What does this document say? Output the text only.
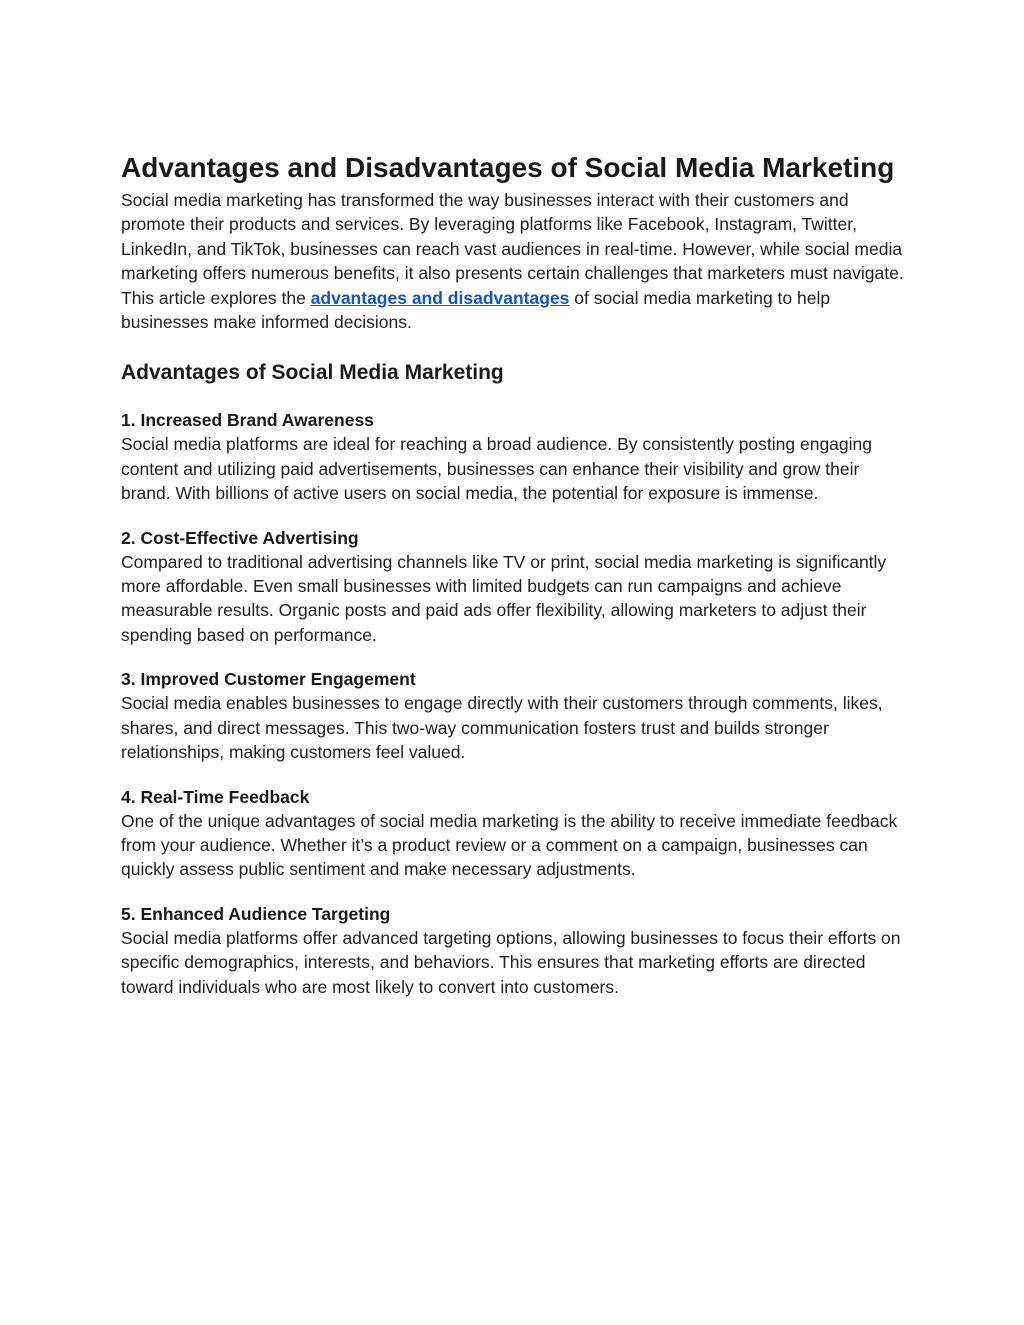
Advantages and Disadvantages of Social Media Marketing

Social media marketing has transformed the way businesses interact with their customers and promote their products and services. By leveraging platforms like Facebook, Instagram, Twitter, LinkedIn, and TikTok, businesses can reach vast audiences in real-time. However, while social media marketing offers numerous benefits, it also presents certain challenges that marketers must navigate. This article explores the advantages and disadvantages of social media marketing to help businesses make informed decisions.

Advantages of Social Media Marketing
1. Increased Brand Awareness

Social media platforms are ideal for reaching a broad audience. By consistently posting engaging content and utilizing paid advertisements, businesses can enhance their visibility and grow their brand. With billions of active users on social media, the potential for exposure is immense.

2. Cost-Effective Advertising

Compared to traditional advertising channels like TV or print, social media marketing is significantly more affordable. Even small businesses with limited budgets can run campaigns and achieve measurable results. Organic posts and paid ads offer flexibility, allowing marketers to adjust their spending based on performance.

3. Improved Customer Engagement

Social media enables businesses to engage directly with their customers through comments, likes, shares, and direct messages. This two-way communication fosters trust and builds stronger relationships, making customers feel valued.

4. Real-Time Feedback

One of the unique advantages of social media marketing is the ability to receive immediate feedback from your audience. Whether it’s a product review or a comment on a campaign, businesses can quickly assess public sentiment and make necessary adjustments.

5. Enhanced Audience Targeting

Social media platforms offer advanced targeting options, allowing businesses to focus their efforts on specific demographics, interests, and behaviors. This ensures that marketing efforts are directed toward individuals who are most likely to convert into customers.
